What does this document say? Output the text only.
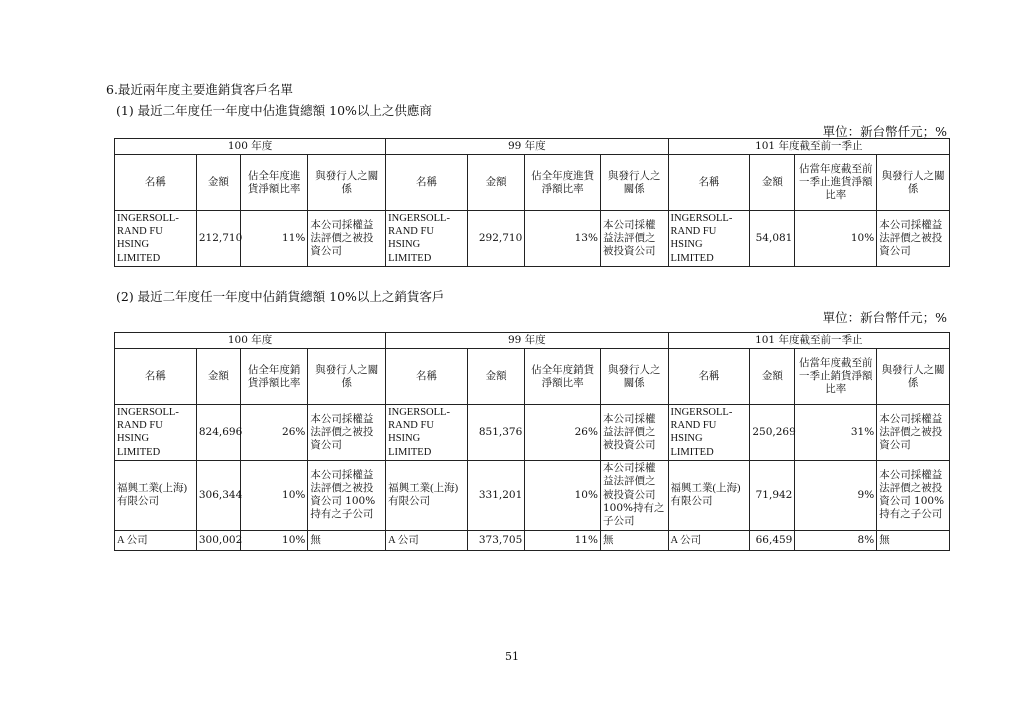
6.最近兩年度主要進銷貨客戶名單
(1) 最近二年度任一年度中佔進貨總額 10%以上之供應商
單位：新台幣仟元；%
100 年度				99 年度				101 年度截至前一季止			
名稱	金額	佔全年度進貨淨額比率	與發行人之關係	名稱	金額	佔全年度進貨淨額比率	與發行人之關係	名稱	金額	佔當年度截至前一季止進貨淨額比率	與發行人之關係
INGERSOLL-RAND FU HSING LIMITED	212,710	11%	本公司採權益法評價之被投資公司	INGERSOLL-RAND FU HSING LIMITED	292,710	13%	本公司採權益法評價之被投資公司	INGERSOLL-RAND FU HSING LIMITED	54,081	10%	本公司採權益法評價之被投資公司
(2) 最近二年度任一年度中佔銷貨總額 10%以上之銷貨客戶
單位：新台幣仟元；%
100 年度				99 年度				101 年度截至前一季止			
名稱	金額	佔全年度銷貨淨額比率	與發行人之關係	名稱	金額	佔全年度銷貨淨額比率	與發行人之關係	名稱	金額	佔當年度截至前一季止銷貨淨額比率	與發行人之關係
INGERSOLL-RAND FU HSING LIMITED	824,696	26%	本公司採權益法評價之被投資公司	INGERSOLL-RAND FU HSING LIMITED	851,376	26%	本公司採權益法評價之被投資公司	INGERSOLL-RAND FU HSING LIMITED	250,269	31%	本公司採權益法評價之被投資公司
福興工業(上海)有限公司	306,344	10%	本公司採權益法評價之被投資公司 100%持有之子公司	福興工業(上海)有限公司	331,201	10%	本公司採權益法評價之被投資公司 100%持有之子公司	福興工業(上海)有限公司	71,942	9%	本公司採權益法評價之被投資公司 100%持有之子公司
A 公司	300,002	10%	無	A 公司	373,705	11%	無	A 公司	66,459	8%	無
51
